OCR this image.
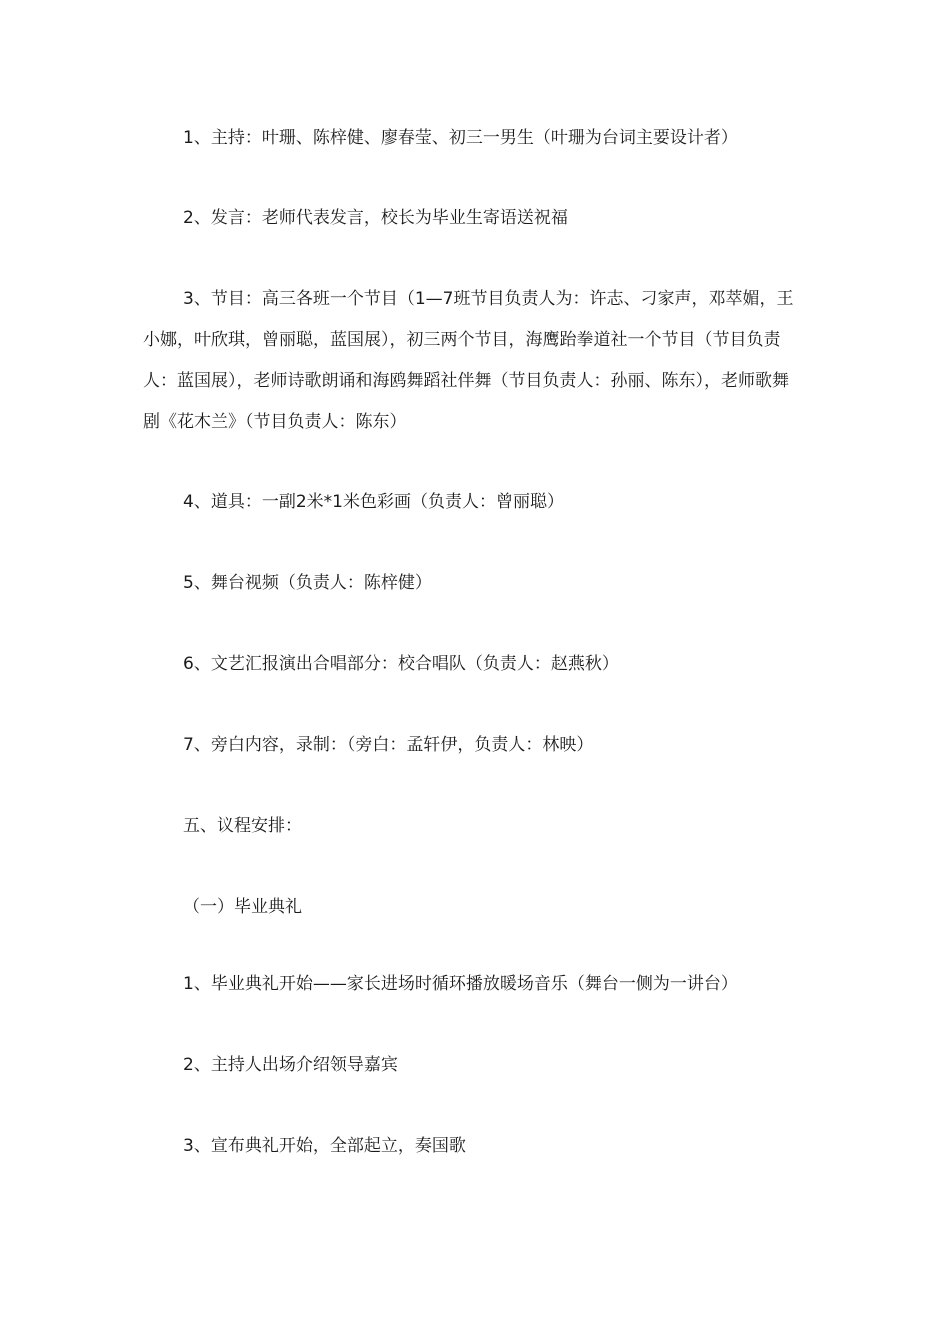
1、主持：叶珊、陈梓健、廖春莹、初三一男生（叶珊为台词主要设计者）

2、发言：老师代表发言，校长为毕业生寄语送祝福

3、节目：高三各班一个节目（1—7班节目负责人为：许志、刁家声，邓萃媚，王小娜，叶欣琪，曾丽聪，蓝国展），初三两个节目，海鹰跆拳道社一个节目（节目负责人：蓝国展），老师诗歌朗诵和海鸥舞蹈社伴舞（节目负责人：孙丽、陈东），老师歌舞剧《花木兰》（节目负责人：陈东）

4、道具：一副2米*1米色彩画（负责人：曾丽聪）

5、舞台视频（负责人：陈梓健）

6、文艺汇报演出合唱部分：校合唱队（负责人：赵燕秋）

7、旁白内容，录制：（旁白：孟轩伊，负责人：林映）

五、议程安排：

（一）毕业典礼

1、毕业典礼开始——家长进场时循环播放暖场音乐（舞台一侧为一讲台）

2、主持人出场介绍领导嘉宾

3、宣布典礼开始，全部起立，奏国歌
